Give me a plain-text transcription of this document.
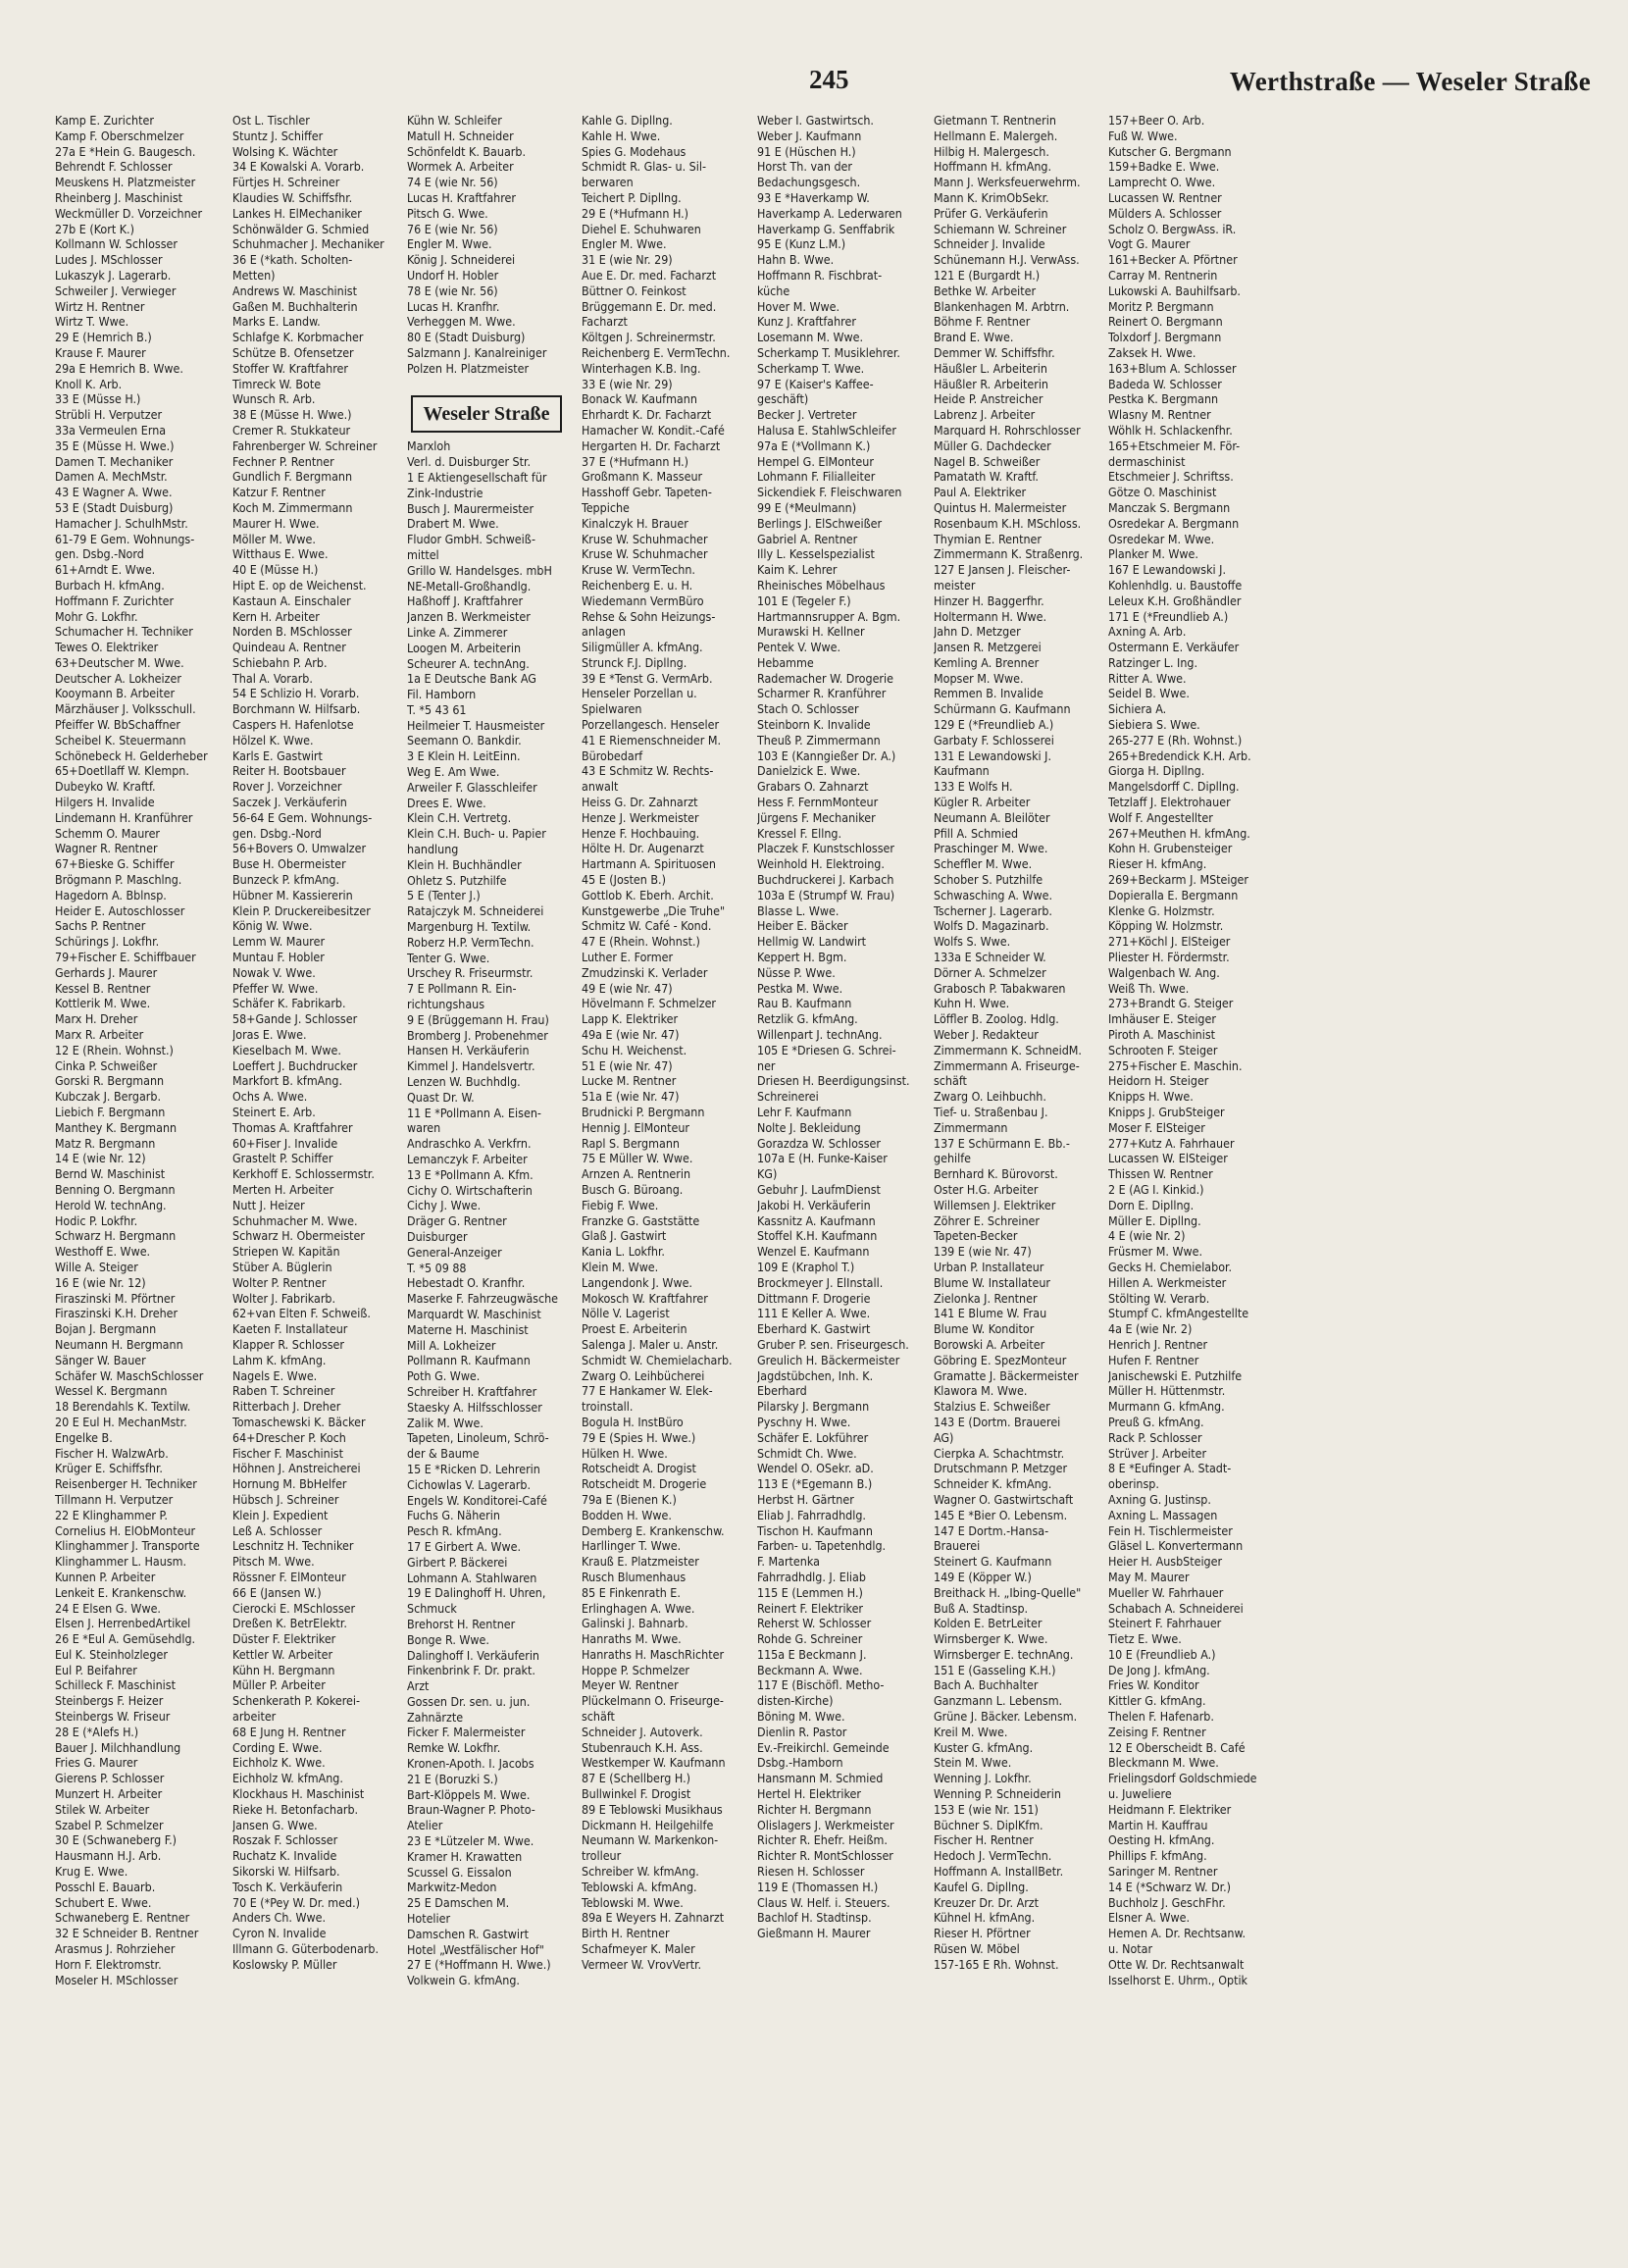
245	Werthstraße — Weseler Straße
Kamp E. Zurichter
Kamp F. Oberschmelzer
27a E *Hein G. Baugesch.
Behrendt F. Schlosser
Meuskens H. Platzmeister
Rheinberg J. Maschinist
Weckmüller D. Vorzeichner
27b E (Kort K.)
Kollmann W. Schlosser
Ludes J. MSchlosser
Lukaszyk J. Lagerarb.
Schweiler J. Verwieger
Wirtz H. Rentner
Wirtz T. Wwe.
29 E (Hemrich B.)
Krause F. Maurer
29a E Hemrich B. Wwe.
Knoll K. Arb.
33 E (Müsse H.)
Strübli H. Verputzer
33a Vermeulen Erna
35 E (Müsse H. Wwe.)
Damen T. Mechaniker
Damen A. MechMstr.
43 E Wagner A. Wwe.
53 E (Stadt Duisburg)
Hamacher J. SchulhMstr.
61-79 E Gem. Wohnungs-
gen. Dsbg.-Nord
61+Arndt E. Wwe.
Burbach H. kfmAng.
Hoffmann F. Zurichter
Mohr G. Lokfhr.
Schumacher H. Techniker
Tewes O. Elektriker
63+Deutscher M. Wwe.
Deutscher A. Lokheizer
Kooymann B. Arbeiter
Märzhäuser J. Volksschull.
Pfeiffer W. BbSchaffner
Scheibel K. Steuermann
Schönebeck H. Gelderheber
65+Doetllaff W. Klempn.
Dubeyko W. Kraftf.
Hilgers H. Invalide
Lindemann H. Kranführer
Schemm O. Maurer
Wagner R. Rentner
67+Bieske G. Schiffer
Brögmann P. Maschlng.
Hagedorn A. Bblnsp.
Heider E. Autoschlosser
Sachs P. Rentner
Schürings J. Lokfhr.
79+Fischer E. Schiffbauer
Gerhards J. Maurer
Kessel B. Rentner
Kottlerik M. Wwe.
Marx H. Dreher
Marx R. Arbeiter
12 E (Rhein. Wohnst.)
Cinka P. Schweißer
Gorski R. Bergmann
Kubczak J. Bergarb.
Liebich F. Bergmann
Manthey K. Bergmann
Matz R. Bergmann
14 E (wie Nr. 12)
Bernd W. Maschinist
Benning O. Bergmann
Herold W. technAng.
Hodic P. Lokfhr.
Schwarz H. Bergmann
Westhoff E. Wwe.
Wille A. Steiger
16 E (wie Nr. 12)
Firaszinski M. Pförtner
Firaszinski K.H. Dreher
Bojan J. Bergmann
Neumann H. Bergmann
Sänger W. Bauer
Schäfer W. MaschSchlosser
Wessel K. Bergmann
18 Berendahls K. Textilw.
20 E Eul H. MechanMstr.
Engelke B.
Fischer H. WalzwArb.
Krüger E. Schiffsfhr.
Reisenberger H. Techniker
Tillmann H. Verputzer
22 E Klinghammer P.
Cornelius H. ElObMonteur
Klinghammer J. Transporte
Klinghammer L. Hausm.
Kunnen P. Arbeiter
Lenkeit E. Krankenschw.
24 E Elsen G. Wwe.
Elsen J. HerrenbedArtikel
26 E *Eul A. Gemüsehdlg.
Eul K. Steinholzleger
Eul P. Beifahrer
Schilleck F. Maschinist
Steinbergs F. Heizer
Steinbergs W. Friseur
28 E (*Alefs H.)
Bauer J. Milchhandlung
Fries G. Maurer
Gierens P. Schlosser
Munzert H. Arbeiter
Stilek W. Arbeiter
Szabel P. Schmelzer
30 E (Schwaneberg F.)
Hausmann H.J. Arb.
Krug E. Wwe.
Posschl E. Bauarb.
Schubert E. Wwe.
Schwaneberg E. Rentner
32 E Schneider B. Rentner
Arasmus J. Rohrzieher
Horn F. Elektromstr.
Moseler H. MSchlosser
Ost L. Tischler
Stuntz J. Schiffer
Wolsing K. Wächter
34 E Kowalski A. Vorarb.
Fürtjes H. Schreiner
Klaudies W. Schiffsfhr.
Lankes H. ElMechaniker
Schönwälder G. Schmied
Schuhmacher J. Mechaniker
36 E (*kath. Scholten-
Metten)
Andrews W. Maschinist
Gaßen M. Buchhalterin
Marks E. Landw.
Schlafge K. Korbmacher
Schütze B. Ofensetzer
Stoffer W. Kraftfahrer
Timreck W. Bote
Wunsch R. Arb.
38 E (Müsse H. Wwe.)
Cremer R. Stukkateur
Fahrenberger W. Schreiner
Fechner P. Rentner
Gundlich F. Bergmann
Katzur F. Rentner
Koch M. Zimmermann
Maurer H. Wwe.
Möller M. Wwe.
Witthaus E. Wwe.
40 E (Müsse H.)
Hipt E. op de Weichenst.
Kastaun A. Einschaler
Kern H. Arbeiter
Norden B. MSchlosser
Quindeau A. Rentner
Schiebahn P. Arb.
Thal A. Vorarb.
54 E Schlizio H. Vorarb.
Borchmann W. Hilfsarb.
Caspers H. Hafenlotse
Hölzel K. Wwe.
Karls E. Gastwirt
Reiter H. Bootsbauer
Rover J. Vorzeichner
Saczek J. Verkäuferin
56-64 E Gem. Wohnungs-
gen. Dsbg.-Nord
56+Bovers O. Umwalzer
Buse H. Obermeister
Bunzeck P. kfmAng.
Hübner M. Kassiererin
Klein P. Druckereibesitzer
König W. Wwe.
Lemm W. Maurer
Muntau F. Hobler
Nowak V. Wwe.
Pfeffer W. Wwe.
Schäfer K. Fabrikarb.
58+Gande J. Schlosser
Joras E. Wwe.
Kieselbach M. Wwe.
Loeffert J. Buchdrucker
Markfort B. kfmAng.
Ochs A. Wwe.
Steinert E. Arb.
Thomas A. Kraftfahrer
60+Fiser J. Invalide
Grastelt P. Schiffer
Kerkhoff E. Schlossermstr.
Merten H. Arbeiter
Nutt J. Heizer
Schuhmacher M. Wwe.
Schwarz H. Obermeister
Striepen W. Kapitän
Stüber A. Büglerin
Wolter P. Rentner
Wolter J. Fabrikarb.
62+van Elten F. Schweiß.
Kaeten F. Installateur
Klapper R. Schlosser
Lahm K. kfmAng.
Nagels E. Wwe.
Raben T. Schreiner
Ritterbach J. Dreher
Tomaschewski K. Bäcker
64+Drescher P. Koch
Fischer F. Maschinist
Höhnen J. Anstreicherei
Hornung M. BbHelfer
Hübsch J. Schreiner
Klein J. Expedient
Leß A. Schlosser
Leschnitz H. Techniker
Pitsch M. Wwe.
Rössner F. ElMonteur
66 E (Jansen W.)
Cierocki E. MSchlosser
Dreßen K. BetrElektr.
Düster F. Elektriker
Kettler W. Arbeiter
Kühn H. Bergmann
Müller P. Arbeiter
Schenkerath P. Kokerei-
arbeiter
68 E Jung H. Rentner
Cording E. Wwe.
Eichholz K. Wwe.
Eichholz W. kfmAng.
Klockhaus H. Maschinist
Rieke H. Betonfacharb.
Jansen G. Wwe.
Roszak F. Schlosser
Ruchatz K. Invalide
Sikorski W. Hilfsarb.
Tosch K. Verkäuferin
70 E (*Pey W. Dr. med.)
Anders Ch. Wwe.
Cyron N. Invalide
Illmann G. Güterbodenarb.
Koslowsky P. Müller
Kühn W. Schleifer
Matull H. Schneider
Schönfeldt K. Bauarb.
Wormek A. Arbeiter
74 E (wie Nr. 56)
Lucas H. Kraftfahrer
Pitsch G. Wwe.
76 E (wie Nr. 56)
Engler M. Wwe.
König J. Schneiderei
Undorf H. Hobler
78 E (wie Nr. 56)
Lucas H. Kranfhr.
Verheggen M. Wwe.
80 E (Stadt Duisburg)
Salzmann J. Kanalreiniger
Polzen H. Platzmeister

Weseler Straße
Marxloh
Verl. d. Duisburger Str.
1 E Aktiengesellschaft für
Zink-Industrie
Busch J. Maurermeister
Drabert M. Wwe.
Fludor GmbH. Schweiß-
mittel
Grillo W. Handelsges. mbH
NE-Metall-Großhandlg.
Haßhoff J. Kraftfahrer
Janzen B. Werkmeister
Linke A. Zimmerer
Loogen M. Arbeiterin
Scheurer A. technAng.
1a E Deutsche Bank AG
Fil. Hamborn
T. *5 43 61
Heilmeier T. Hausmeister
Seemann O. Bankdir.
3 E Klein H. LeitEinn.
Weg E. Am Wwe.
Arweiler F. Glasschleifer
Drees E. Wwe.
Klein C.H. Vertretg.
Klein C.H. Buch- u. Papier
handlung
Klein H. Buchhändler
Ohletz S. Putzhilfe
5 E (Tenter J.)
Ratajczyk M. Schneiderei
Margenburg H. Textilw.
Roberz H.P. VermTechn.
Tenter G. Wwe.
Urschey R. Friseurmstr.
7 E Pollmann R. Ein-
richtungshaus
9 E (Brüggemann H. Frau)
Bromberg J. Probenehmer
Hansen H. Verkäuferin
Kimmel J. Handelsvertr.
Lenzen W. Buchhdlg.
Quast Dr. W.
11 E *Pollmann A. Eisen-
waren
Andraschko A. Verkfrn.
Lemanczyk F. Arbeiter
13 E *Pollmann A. Kfm.
Cichy O. Wirtschafterin
Cichy J. Wwe.
Dräger G. Rentner
Duisburger
General-Anzeiger
T. *5 09 88
Hebestadt O. Kranfhr.
Maserke F. Fahrzeugwäsche
Marquardt W. Maschinist
Materne H. Maschinist
Mill A. Lokheizer
Pollmann R. Kaufmann
Poth G. Wwe.
Schreiber H. Kraftfahrer
Staesky A. Hilfsschlosser
Zalik M. Wwe.
Tapeten, Linoleum, Schrö-
der & Baume
15 E *Ricken D. Lehrerin
Cichowlas V. Lagerarb.
Engels W. Konditorei-Café
Fuchs G. Näherin
Pesch R. kfmAng.
17 E Girbert A. Wwe.
Girbert P. Bäckerei
Lohmann A. Stahlwaren
19 E Dalinghoff H. Uhren,
Schmuck
Brehorst H. Rentner
Bonge R. Wwe.
Dalinghoff I. Verkäuferin
Finkenbrink F. Dr. prakt.
Arzt
Gossen Dr. sen. u. jun.
Zahnärzte
Ficker F. Malermeister
Remke W. Lokfhr.
Kronen-Apoth. I. Jacobs
21 E (Boruzki S.)
Bart-Klöppels M. Wwe.
Braun-Wagner P. Photo-
Atelier
23 E *Lützeler M. Wwe.
Kramer H. Krawatten
Scussel G. Eissalon
Markwitz-Medon
25 E Damschen M.
Hotelier
Damschen R. Gastwirt
Hotel „Westfälischer Hof"
27 E (*Hoffmann H. Wwe.)
Volkwein G. kfmAng.
Kahle G. Dipllng.
Kahle H. Wwe.
Spies G. Modehaus
Schmidt R. Glas- u. Sil-
berwaren
Teichert P. Dipllng.
29 E (*Hufmann H.)
Diehel E. Schuhwaren
Engler M. Wwe.
31 E (wie Nr. 29)
Aue E. Dr. med. Facharzt
Büttner O. Feinkost
Brüggemann E. Dr. med.
Facharzt
Költgen J. Schreinermstr.
Reichenberg E. VermTechn.
Winterhagen K.B. Ing.
33 E (wie Nr. 29)
Bonack W. Kaufmann
Ehrhardt K. Dr. Facharzt
Hamacher W. Kondit.-Café
Hergarten H. Dr. Facharzt
37 E (*Hufmann H.)
Großmann K. Masseur
Hasshoff Gebr. Tapeten-
Teppiche
Kinalczyk H. Brauer
Kruse W. Schuhmacher
Kruse W. Schuhmacher
Kruse W. VermTechn.
Reichenberg E. u. H.
Wiedemann VermBüro
Rehse & Sohn Heizungs-
anlagen
Siligmüller A. kfmAng.
Strunck F.J. Dipllng.
39 E *Tenst G. VermArb.
Henseler Porzellan u.
Spielwaren
Porzellangesch. Henseler
41 E Riemenschneider M.
Bürobedarf
43 E Schmitz W. Rechts-
anwalt
Heiss G. Dr. Zahnarzt
Henze J. Werkmeister
Henze F. Hochbauing.
Hölte H. Dr. Augenarzt
Hartmann A. Spirituosen
45 E (Josten B.)
Gottlob K. Eberh. Archit.
Kunstgewerbe „Die Truhe"
Schmitz W. Café - Kond.
47 E (Rhein. Wohnst.)
Luther E. Former
Zmudzinski K. Verlader
49 E (wie Nr. 47)
Hövelmann F. Schmelzer
Lapp K. Elektriker
49a E (wie Nr. 47)
Schu H. Weichenst.
51 E (wie Nr. 47)
Lucke M. Rentner
51a E (wie Nr. 47)
Brudnicki P. Bergmann
Hennig J. ElMonteur
Rapl S. Bergmann
75 E Müller W. Wwe.
Arnzen A. Rentnerin
Busch G. Büroang.
Fiebig F. Wwe.
Franzke G. Gaststätte
Glaß J. Gastwirt
Kania L. Lokfhr.
Klein M. Wwe.
Langendonk J. Wwe.
Mokosch W. Kraftfahrer
Nölle V. Lagerist
Proest E. Arbeiterin
Salenga J. Maler u. Anstr.
Schmidt W. Chemielacharb.
Zwarg O. Leihbücherei
77 E Hankamer W. Elek-
troinstall.
Bogula H. InstBüro
79 E (Spies H. Wwe.)
Hülken H. Wwe.
Rotscheidt A. Drogist
Rotscheidt M. Drogerie
79a E (Bienen K.)
Bodden H. Wwe.
Demberg E. Krankenschw.
Harllinger T. Wwe.
Krauß E. Platzmeister
Rusch Blumenhaus
85 E Finkenrath E.
Erlinghagen A. Wwe.
Galinski J. Bahnarb.
Hanraths M. Wwe.
Hanraths H. MaschRichter
Hoppe P. Schmelzer
Meyer W. Rentner
Plückelmann O. Friseurge-
schäft
Schneider J. Autoverk.
Stubenrauch K.H. Ass.
Westkemper W. Kaufmann
87 E (Schellberg H.)
Bullwinkel F. Drogist
89 E Teblowski Musikhaus
Dickmann H. Heilgehilfe
Neumann W. Markenkon-
trolleur
Schreiber W. kfmAng.
Teblowski A. kfmAng.
Teblowski M. Wwe.
89a E Weyers H. Zahnarzt
Birth H. Rentner
Schafmeyer K. Maler
Vermeer W. VrovVertr.
Weber I. Gastwirtsch.
Weber J. Kaufmann
91 E (Hüschen H.)
Horst Th. van der
Bedachungsgesch.
93 E *Haverkamp W.
Haverkamp A. Lederwaren
Haverkamp G. Senffabrik
95 E (Kunz L.M.)
Hahn B. Wwe.
Hoffmann R. Fischbrat-
küche
Hover M. Wwe.
Kunz J. Kraftfahrer
Losemann M. Wwe.
Scherkamp T. Musiklehrer.
Scherkamp T. Wwe.
97 E (Kaiser's Kaffee-
geschäft)
Becker J. Vertreter
Halusa E. StahlwSchleifer
97a E (*Vollmann K.)
Hempel G. ElMonteur
Lohmann F. Filialleiter
Sickendiek F. Fleischwaren
99 E (*Meulmann)
Berlings J. ElSchweißer
Gabriel A. Rentner
Illy L. Kesselspezialist
Kaim K. Lehrer
Rheinisches Möbelhaus
101 E (Tegeler F.)
Hartmannsrupper A. Bgm.
Murawski H. Kellner
Pentek V. Wwe.
Hebamme
Rademacher W. Drogerie
Scharmer R. Kranführer
Stach O. Schlosser
Steinborn K. Invalide
Theuß P. Zimmermann
103 E (Kanngießer Dr. A.)
Danielzick E. Wwe.
Grabars O. Zahnarzt
Hess F. FernmMonteur
Jürgens F. Mechaniker
Kressel F. Ellng.
Placzek F. Kunstschlosser
Weinhold H. Elektroing.
Buchdruckerei J. Karbach
103a E (Strumpf W. Frau)
Blasse L. Wwe.
Heiber E. Bäcker
Hellmig W. Landwirt
Keppert H. Bgm.
Nüsse P. Wwe.
Pestka M. Wwe.
Rau B. Kaufmann
Retzlik G. kfmAng.
Willenpart J. technAng.
105 E *Driesen G. Schrei-
ner
Driesen H. Beerdigungsinst.
Schreinerei
Lehr F. Kaufmann
Nolte J. Bekleidung
Gorazdza W. Schlosser
107a E (H. Funke-Kaiser
KG)
Gebuhr J. LaufmDienst
Jakobi H. Verkäuferin
Kassnitz A. Kaufmann
Stoffel K.H. Kaufmann
Wenzel E. Kaufmann
109 E (Kraphol T.)
Brockmeyer J. ElInstall.
Dittmann F. Drogerie
111 E Keller A. Wwe.
Eberhard K. Gastwirt
Gruber P. sen. Friseurgesch.
Greulich H. Bäckermeister
Jagdstübchen, Inh. K.
Eberhard
Pilarsky J. Bergmann
Pyschny H. Wwe.
Schäfer E. Lokführer
Schmidt Ch. Wwe.
Wendel O. OSekr. aD.
113 E (*Egemann B.)
Herbst H. Gärtner
Eliab J. Fahrradhdlg.
Tischon H. Kaufmann
Farben- u. Tapetenhdlg.
F. Martenka
Fahrradhdlg. J. Eliab
115 E (Lemmen H.)
Reinert F. Elektriker
Reherst W. Schlosser
Rohde G. Schreiner
115a E Beckmann J.
Beckmann A. Wwe.
117 E (Bischöfl. Metho-
disten-Kirche)
Böning M. Wwe.
Dienlin R. Pastor
Ev.-Freikirchl. Gemeinde
Dsbg.-Hamborn
Hansmann M. Schmied
Hertel H. Elektriker
Richter H. Bergmann
Olislagers J. Werkmeister
Richter R. Ehefr. Heißm.
Richter R. MontSchlosser
Riesen H. Schlosser
119 E (Thomassen H.)
Claus W. Helf. i. Steuers.
Bachlof H. Stadtinsp.
Gießmann H. Maurer
Gietmann T. Rentnerin
Hellmann E. Malergeh.
Hilbig H. Malergesch.
Hoffmann H. kfmAng.
Mann J. Werksfeuerwehrm.
Mann K. KrimObSekr.
Prüfer G. Verkäuferin
Schiemann W. Schreiner
Schneider J. Invalide
Schünemann H.J. VerwAss.
121 E (Burgardt H.)
Bethke W. Arbeiter
Blankenhagen M. Arbtrn.
Böhme F. Rentner
Brand E. Wwe.
Demmer W. Schiffsfhr.
Häußler L. Arbeiterin
Häußler R. Arbeiterin
Heide P. Anstreicher
Labrenz J. Arbeiter
Marquard H. Rohrschlosser
Müller G. Dachdecker
Nagel B. Schweißer
Pamatath W. Kraftf.
Paul A. Elektriker
Quintus H. Malermeister
Rosenbaum K.H. MSchloss.
Thymian E. Rentner
Zimmermann K. Straßenrg.
127 E Jansen J. Fleischer-
meister
Hinzer H. Baggerfhr.
Holtermann H. Wwe.
Jahn D. Metzger
Jansen R. Metzgerei
Kemling A. Brenner
Mopser M. Wwe.
Remmen B. Invalide
Schürmann G. Kaufmann
129 E (*Freundlieb A.)
Garbaty F. Schlosserei
131 E Lewandowski J.
Kaufmann
133 E Wolfs H.
Kügler R. Arbeiter
Neumann A. Bleilöter
Pfill A. Schmied
Praschinger M. Wwe.
Scheffler M. Wwe.
Schober S. Putzhilfe
Schwasching A. Wwe.
Tscherner J. Lagerarb.
Wolfs D. Magazinarb.
Wolfs S. Wwe.
133a E Schneider W.
Dörner A. Schmelzer
Grabosch P. Tabakwaren
Kuhn H. Wwe.
Löffler B. Zoolog. Hdlg.
Weber J. Redakteur
Zimmermann K. SchneidM.
Zimmermann A. Friseurge-
schäft
Zwarg O. Leihbuchh.
Tief- u. Straßenbau J.
Zimmermann
137 E Schürmann E. Bb.-
gehilfe
Bernhard K. Bürovorst.
Oster H.G. Arbeiter
Willemsen J. Elektriker
Zöhrer E. Schreiner
Tapeten-Becker
139 E (wie Nr. 47)
Urban P. Installateur
Blume W. Installateur
Zielonka J. Rentner
141 E Blume W. Frau
Blume W. Konditor
Borowski A. Arbeiter
Göbring E. SpezMonteur
Gramatte J. Bäckermeister
Klawora M. Wwe.
Stalzius E. Schweißer
143 E (Dortm. Brauerei
AG)
Cierpka A. Schachtmstr.
Drutschmann P. Metzger
Schneider K. kfmAng.
Wagner O. Gastwirtschaft
145 E *Bier O. Lebensm.
147 E Dortm.-Hansa-
Brauerei
Steinert G. Kaufmann
149 E (Köpper W.)
Breithack H. „Ibing-Quelle"
Buß A. Stadtinsp.
Kolden E. BetrLeiter
Wirnsberger K. Wwe.
Wirnsberger E. technAng.
151 E (Gasseling K.H.)
Bach A. Buchhalter
Ganzmann L. Lebensm.
Grüne J. Bäcker. Lebensm.
Kreil M. Wwe.
Kuster G. kfmAng.
Stein M. Wwe.
Wenning J. Lokfhr.
Wenning P. Schneiderin
153 E (wie Nr. 151)
Büchner S. DiplKfm.
Fischer H. Rentner
Hedoch J. VermTechn.
Hoffmann A. InstallBetr.
Kaufel G. Dipllng.
Kreuzer Dr. Dr. Arzt
Kühnel H. kfmAng.
Rieser H. Pförtner
Rüsen W. Möbel
157-165 E Rh. Wohnst.
157+Beer O. Arb.
Fuß W. Wwe.
Kutscher G. Bergmann
159+Badke E. Wwe.
Lamprecht O. Wwe.
Lucassen W. Rentner
Mülders A. Schlosser
Scholz O. BergwAss. iR.
Vogt G. Maurer
161+Becker A. Pförtner
Carray M. Rentnerin
Lukowski A. Bauhilfsarb.
Moritz P. Bergmann
Reinert O. Bergmann
Tolxdorf J. Bergmann
Zaksek H. Wwe.
163+Blum A. Schlosser
Badeda W. Schlosser
Pestka K. Bergmann
Wlasny M. Rentner
Wöhlk H. Schlackenfhr.
165+Etschmeier M. För-
dermaschinist
Etschmeier J. Schriftss.
Götze O. Maschinist
Manczak S. Bergmann
Osredekar A. Bergmann
Osredekar M. Wwe.
Planker M. Wwe.
167 E Lewandowski J.
Kohlenhdlg. u. Baustoffe
Leleux K.H. Großhändler
171 E (*Freundlieb A.)
Axning A. Arb.
Ostermann E. Verkäufer
Ratzinger L. Ing.
Ritter A. Wwe.
Seidel B. Wwe.
Sichiera A.
Siebiera S. Wwe.
265-277 E (Rh. Wohnst.)
265+Bredendick K.H. Arb.
Giorga H. Dipllng.
Mangelsdorff C. Dipllng.
Tetzlaff J. Elektrohauer
Wolf F. Angestellter
267+Meuthen H. kfmAng.
Kohn H. Grubensteiger
Rieser H. kfmAng.
269+Beckarm J. MSteiger
Dopieralla E. Bergmann
Klenke G. Holzmstr.
Köpping W. Holzmstr.
271+Köchl J. ElSteiger
Pliester H. Fördermstr.
Walgenbach W. Ang.
Weiß Th. Wwe.
273+Brandt G. Steiger
Imhäuser E. Steiger
Piroth A. Maschinist
Schrooten F. Steiger
275+Fischer E. Maschin.
Heidorn H. Steiger
Knipps H. Wwe.
Knipps J. GrubSteiger
Moser F. ElSteiger
277+Kutz A. Fahrhauer
Lucassen W. ElSteiger
Thissen W. Rentner
2 E (AG I. Kinkid.)
Dorn E. Dipllng.
Müller E. Dipllng.
4 E (wie Nr. 2)
Früsmer M. Wwe.
Gecks H. Chemielabor.
Hillen A. Werkmeister
Stölting W. Verarb.
Stumpf C. kfmAngestellte
4a E (wie Nr. 2)
Henrich J. Rentner
Hufen F. Rentner
Janischewski E. Putzhilfe
Müller H. Hüttenmstr.
Murmann G. kfmAng.
Preuß G. kfmAng.
Rack P. Schlosser
Strüver J. Arbeiter
8 E *Eufinger A. Stadt-
oberinsp.
Axning G. Justinsp.
Axning L. Massagen
Fein H. Tischlermeister
Gläsel L. Konvertermann
Heier H. AusbSteiger
May M. Maurer
Mueller W. Fahrhauer
Schabach A. Schneiderei
Steinert F. Fahrhauer
Tietz E. Wwe.
10 E (Freundlieb A.)
De Jong J. kfmAng.
Fries W. Konditor
Kittler G. kfmAng.
Thelen F. Hafenarb.
Zeising F. Rentner
12 E Oberscheidt B. Café
Bleckmann M. Wwe.
Frielingsdorf Goldschmiede
u. Juweliere
Heidmann F. Elektriker
Martin H. Kauffrau
Oesting H. kfmAng.
Phillips F. kfmAng.
Saringer M. Rentner
14 E (*Schwarz W. Dr.)
Buchholz J. GeschFhr.
Elsner A. Wwe.
Hemen A. Dr. Rechtsanw.
u. Notar
Otte W. Dr. Rechtsanwalt
Isselhorst E. Uhrm., Optik
